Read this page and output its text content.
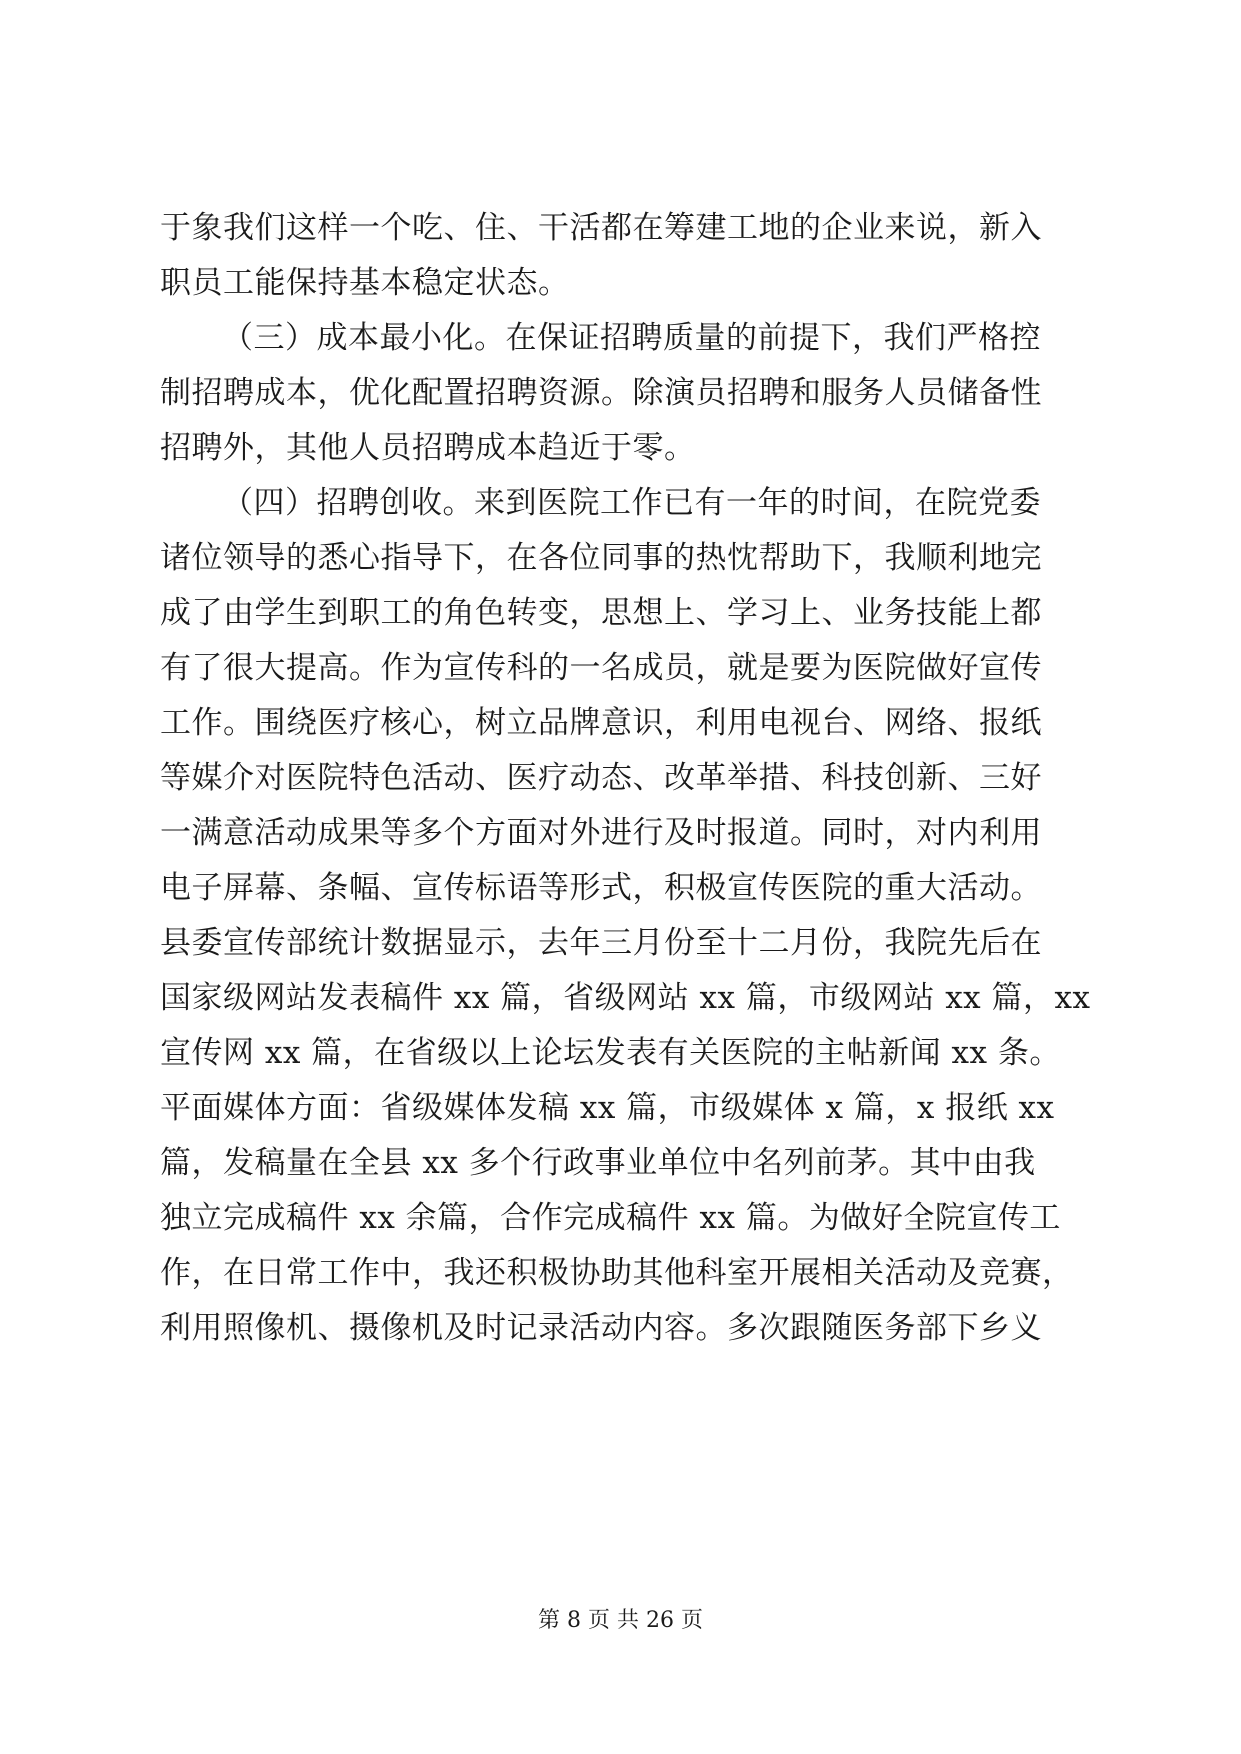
于象我们这样一个吃、住、干活都在筹建工地的企业来说，新入
职员工能保持基本稳定状态。
（三）成本最小化。在保证招聘质量的前提下，我们严格控
制招聘成本，优化配置招聘资源。除演员招聘和服务人员储备性
招聘外，其他人员招聘成本趋近于零。
（四）招聘创收。来到医院工作已有一年的时间，在院党委
诸位领导的悉心指导下，在各位同事的热忱帮助下，我顺利地完
成了由学生到职工的角色转变，思想上、学习上、业务技能上都
有了很大提高。作为宣传科的一名成员，就是要为医院做好宣传
工作。围绕医疗核心，树立品牌意识，利用电视台、网络、报纸
等媒介对医院特色活动、医疗动态、改革举措、科技创新、三好
一满意活动成果等多个方面对外进行及时报道。同时，对内利用
电子屏幕、条幅、宣传标语等形式，积极宣传医院的重大活动。
县委宣传部统计数据显示，去年三月份至十二月份，我院先后在
国家级网站发表稿件 xx 篇，省级网站 xx 篇，市级网站 xx 篇，xx
宣传网 xx 篇，在省级以上论坛发表有关医院的主帖新闻 xx 条。
平面媒体方面：省级媒体发稿 xx 篇，市级媒体 x 篇，x 报纸 xx
篇，发稿量在全县 xx 多个行政事业单位中名列前茅。其中由我
独立完成稿件 xx 余篇，合作完成稿件 xx 篇。为做好全院宣传工
作，在日常工作中，我还积极协助其他科室开展相关活动及竞赛，
利用照像机、摄像机及时记录活动内容。多次跟随医务部下乡义
第 8 页 共 26 页
